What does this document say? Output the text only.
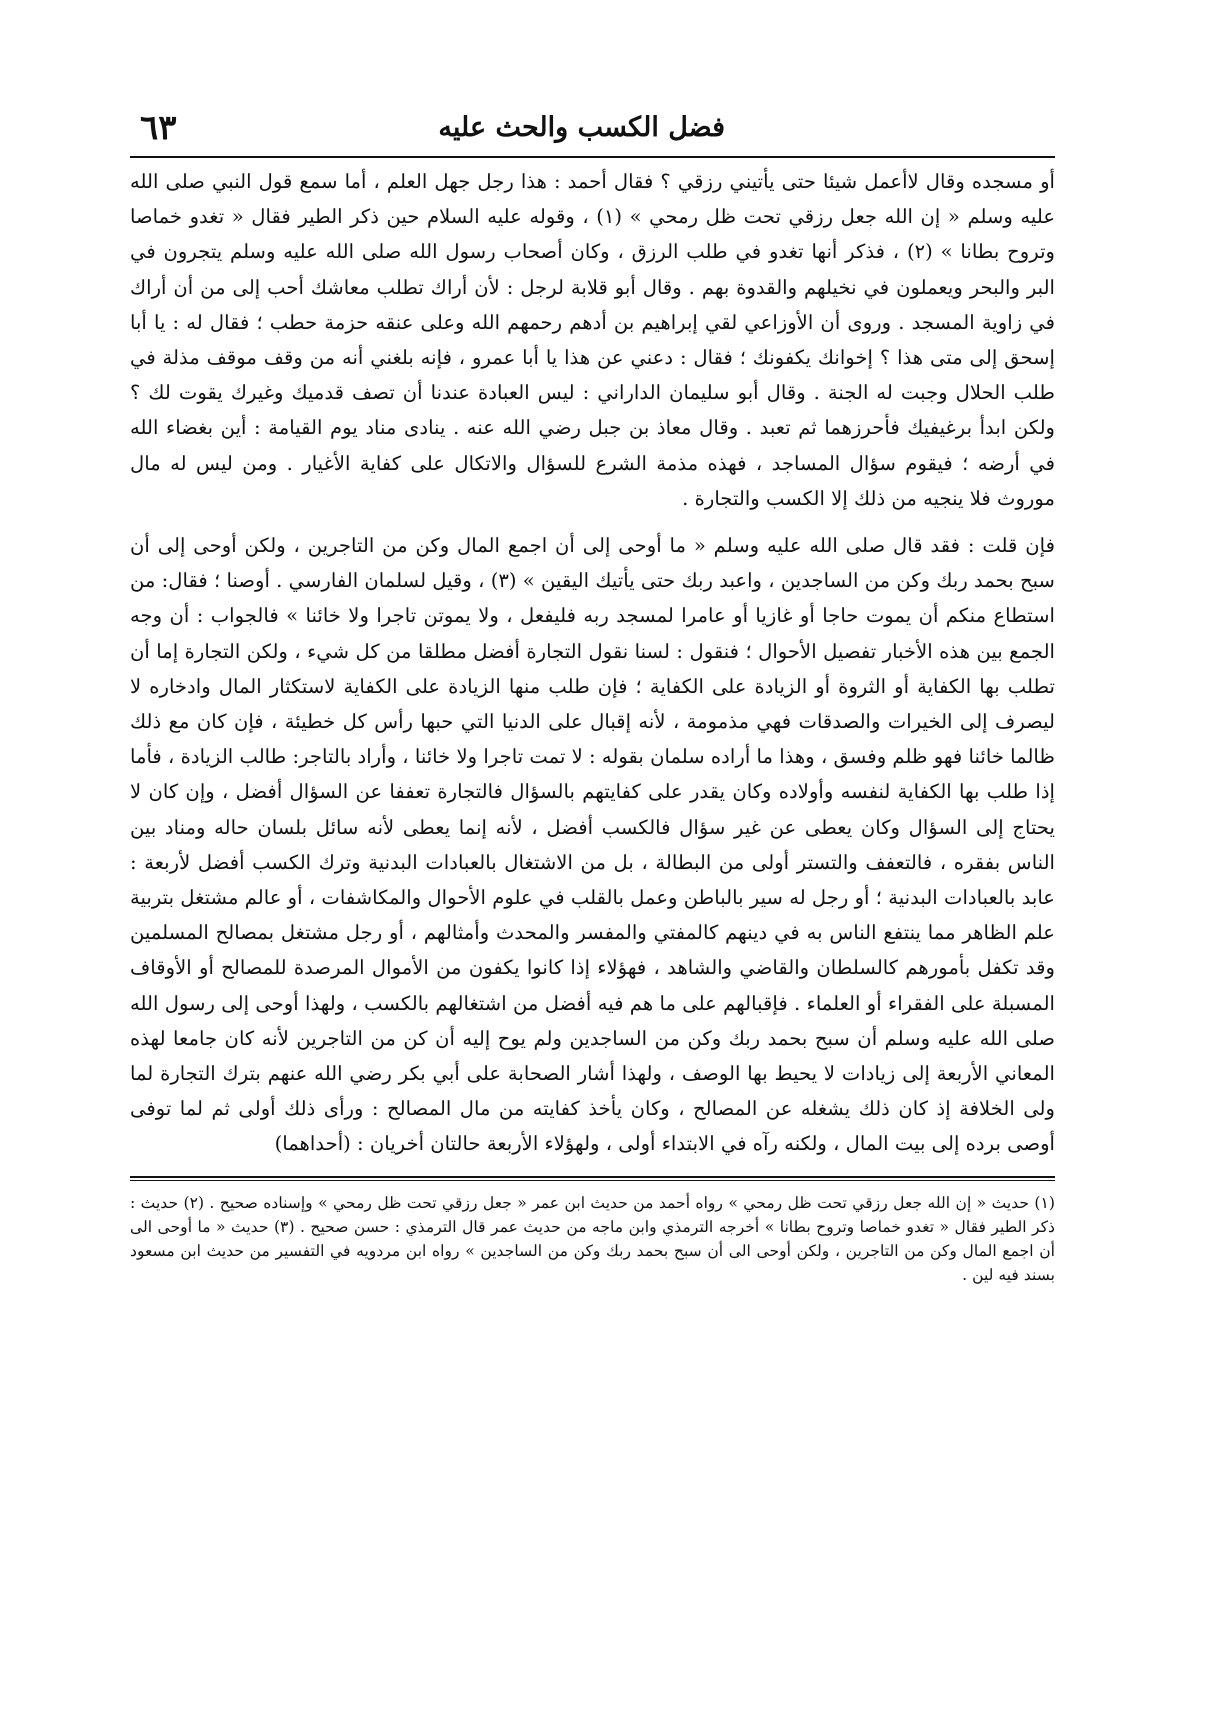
فضل الكسب والحث عليه
٦٣

أو مسجده وقال لاأعمل شيئا حتى يأتيني رزقي ؟ فقال أحمد : هذا رجل جهل العلم ، أما سمع قول النبي صلى الله عليه وسلم « إن الله جعل رزقي تحت ظل رمحي » (١) ، وقوله عليه السلام حين ذكر الطير فقال « تغدو خماصا وتروح بطانا » (٢) ، فذكر أنها تغدو في طلب الرزق ، وكان أصحاب رسول الله صلى الله عليه وسلم يتجرون في البر والبحر ويعملون في نخيلهم والقدوة بهم . وقال أبو قلابة لرجل : لأن أراك تطلب معاشك أحب إلى من أن أراك في زاوية المسجد . وروى أن الأوزاعي لقي إبراهيم بن أدهم رحمهم الله وعلى عنقه حزمة حطب ؛ فقال له : يا أبا إسحق إلى متى هذا ؟ إخوانك يكفونك ؛ فقال : دعني عن هذا يا أبا عمرو ، فإنه بلغني أنه من وقف موقف مذلة في طلب الحلال وجبت له الجنة . وقال أبو سليمان الداراني : ليس العبادة عندنا أن تصف قدميك وغيرك يقوت لك ؟ ولكن ابدأ برغيفيك فأحرزهما ثم تعبد . وقال معاذ بن جبل رضي الله عنه . ينادى مناد يوم القيامة : أين بغضاء الله في أرضه ؛ فيقوم سؤال المساجد ، فهذه مذمة الشرع للسؤال والاتكال على كفاية الأغيار . ومن ليس له مال موروث فلا ينجيه من ذلك إلا الكسب والتجارة .

فإن قلت : فقد قال صلى الله عليه وسلم « ما أوحى إلى أن اجمع المال وكن من التاجرين ، ولكن أوحى إلى أن سبح بحمد ربك وكن من الساجدين ، واعبد ربك حتى يأتيك اليقين » (٣) ، وقيل لسلمان الفارسي . أوصنا ؛ فقال: من استطاع منكم أن يموت حاجا أو غازيا أو عامرا لمسجد ربه فليفعل ، ولا يموتن تاجرا ولا خائنا » فالجواب : أن وجه الجمع بين هذه الأخبار تفصيل الأحوال ؛ فنقول : لسنا نقول التجارة أفضل مطلقا من كل شيء ، ولكن التجارة إما أن تطلب بها الكفاية أو الثروة أو الزيادة على الكفاية ؛ فإن طلب منها الزيادة على الكفاية لاستكثار المال وادخاره لا ليصرف إلى الخيرات والصدقات فهي مذمومة ، لأنه إقبال على الدنيا التي حبها رأس كل خطيئة ، فإن كان مع ذلك ظالما خائنا فهو ظلم وفسق ، وهذا ما أراده سلمان بقوله : لا تمت تاجرا ولا خائنا ، وأراد بالتاجر: طالب الزيادة ، فأما إذا طلب بها الكفاية لنفسه وأولاده وكان يقدر على كفايتهم بالسؤال فالتجارة تعففا عن السؤال أفضل ، وإن كان لا يحتاج إلى السؤال وكان يعطى عن غير سؤال فالكسب أفضل ، لأنه إنما يعطى لأنه سائل بلسان حاله ومناد بين الناس بفقره ، فالتعفف والتستر أولى من البطالة ، بل من الاشتغال بالعبادات البدنية وترك الكسب أفضل لأربعة : عابد بالعبادات البدنية ؛ أو رجل له سير بالباطن وعمل بالقلب في علوم الأحوال والمكاشفات ، أو عالم مشتغل بتربية علم الظاهر مما ينتفع الناس به في دينهم كالمفتي والمفسر والمحدث وأمثالهم ، أو رجل مشتغل بمصالح المسلمين وقد تكفل بأمورهم كالسلطان والقاضي والشاهد ، فهؤلاء إذا كانوا يكفون من الأموال المرصدة للمصالح أو الأوقاف المسبلة على الفقراء أو العلماء . فإقبالهم على ما هم فيه أفضل من اشتغالهم بالكسب ، ولهذا أوحى إلى رسول الله صلى الله عليه وسلم أن سبح بحمد ربك وكن من الساجدين ولم يوح إليه أن كن من التاجرين لأنه كان جامعا لهذه المعاني الأربعة إلى زيادات لا يحيط بها الوصف ، ولهذا أشار الصحابة على أبي بكر رضي الله عنهم بترك التجارة لما ولى الخلافة إذ كان ذلك يشغله عن المصالح ، وكان يأخذ كفايته من مال المصالح : ورأى ذلك أولى ثم لما توفى أوصى برده إلى بيت المال ، ولكنه رآه في الابتداء أولى ، ولهؤلاء الأربعة حالتان أخريان : (أحداهما)

(١) حديث « إن الله جعل رزقي تحت ظل رمحي » رواه أحمد من حديث ابن عمر « جعل رزقي تحت ظل رمحي » وإسناده صحيح . (٢) حديث : ذكر الطير فقال « تغدو خماصا وتروح بطانا » أخرجه الترمذي وابن ماجه من حديث عمر قال الترمذي : حسن صحيح . (٣) حديث « ما أوحى الى أن اجمع المال وكن من التاجرين ، ولكن أوحى الى أن سبح بحمد ربك وكن من الساجدين » رواه ابن مردويه في التفسير من حديث ابن مسعود بسند فيه لين .
